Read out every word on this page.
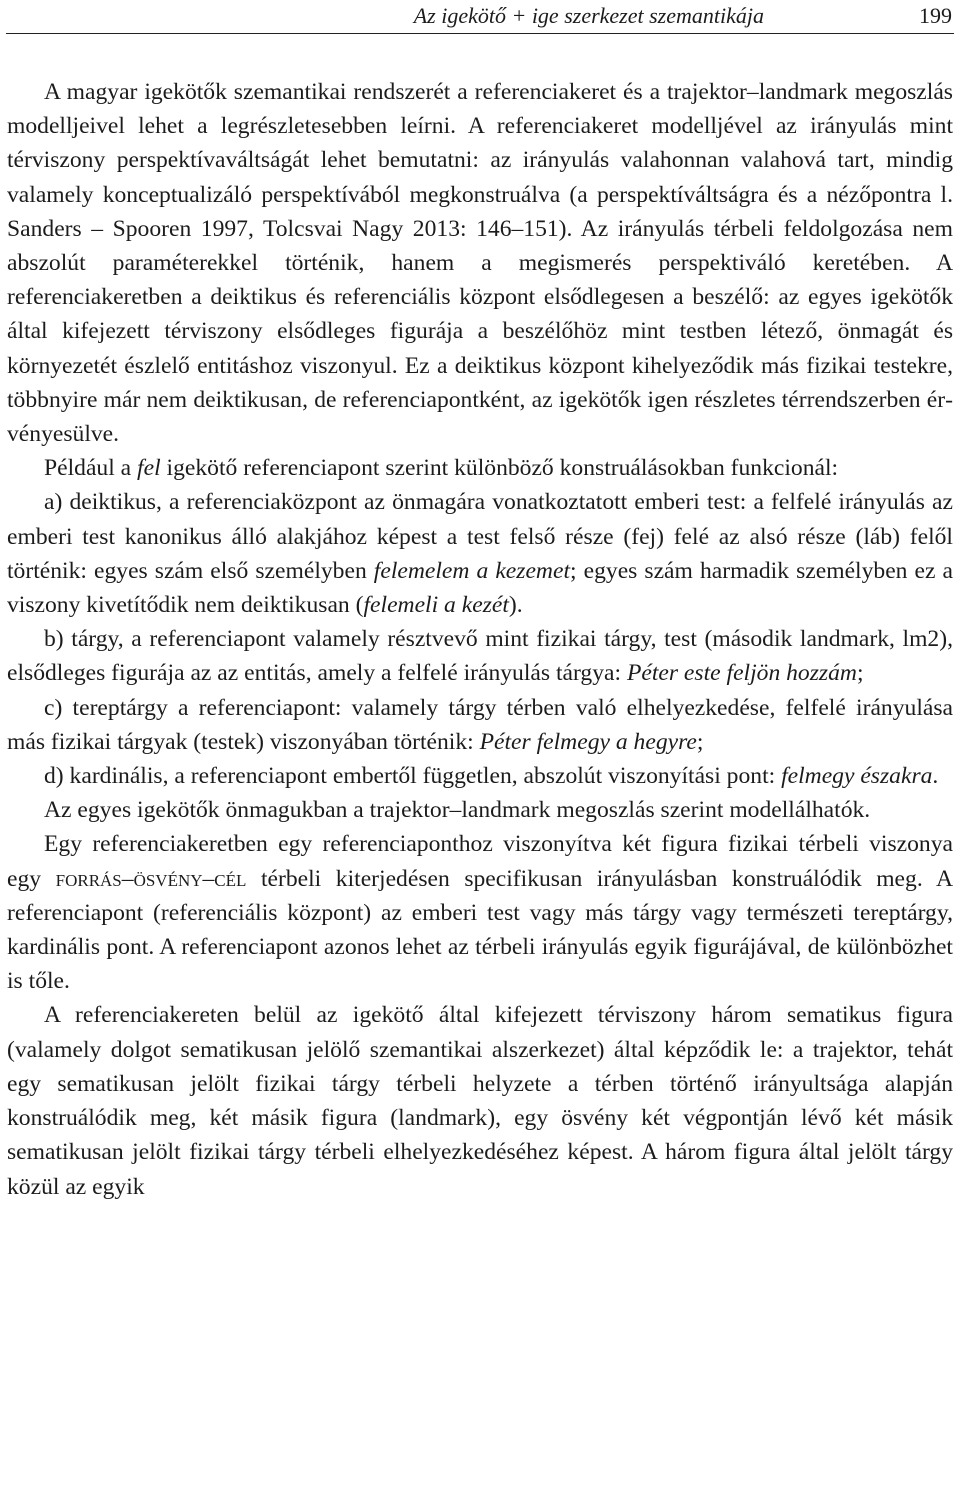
Az igekötő + ige szerkezet szemantikája	199

A magyar igekötők szemantikai rendszerét a referenciakeret és a trajektor–landmark megoszlás modelljeivel lehet a legrészletesebben leírni. A referenciakeret modelljével az irányulás mint térviszony perspektívaváltságát lehet bemutatni: az irányulás valahonnan valahová tart, mindig valamely konceptualizáló perspektívából megkonstruálva (a perspektíváltságra és a nézőpontra l. Sanders – Spooren 1997, Tolcsvai Nagy 2013: 146–151). Az irányulás térbeli feldolgozása nem abszolút paraméterekkel történik, hanem a megismerés perspektiváló keretében. A referenciakeretben a deiktikus és referenciális központ elsődlegesen a beszélő: az egyes igekötők által kifejezett térviszony elsődleges figurája a beszélőhöz mint testben létező, önmagát és környezetét észlelő entitáshoz viszonyul. Ez a deiktikus központ kihelyeződik más fizikai testekre, többnyire már nem deiktikusan, de referenciapontként, az igekötők igen részletes térrendszerben érvényesülve.

Például a fel igekötő referenciapont szerint különböző konstruálásokban funkcionál:

a) deiktikus, a referenciaközpont az önmagára vonatkoztatott emberi test: a felfelé irányulás az emberi test kanonikus álló alakjához képest a test felső része (fej) felé az alsó része (láb) felől történik: egyes szám első személyben felemelem a kezemet; egyes szám harmadik személyben ez a viszony kivetítődik nem deiktikusan (felemeli a kezét).

b) tárgy, a referenciapont valamely résztvevő mint fizikai tárgy, test (második landmark, lm2), elsődleges figurája az az entitás, amely a felfelé irányulás tárgya: Péter este feljön hozzám;

c) tereptárgy a referenciapont: valamely tárgy térben való elhelyezkedése, felfelé irányulása más fizikai tárgyak (testek) viszonyában történik: Péter felmegy a hegyre;

d) kardinális, a referenciapont embertől független, abszolút viszonyítási pont: felmegy északra.

Az egyes igekötők önmagukban a trajektor–landmark megoszlás szerint modellálhatók.

Egy referenciakeretben egy referenciaponthoz viszonyítva két figura fizikai térbeli viszonya egy forrás–ösvény–cél térbeli kiterjedésen specifikusan irányulásban konstruálódik meg. A referenciapont (referenciális központ) az emberi test vagy más tárgy vagy természeti tereptárgy, kardinális pont. A referenciapont azonos lehet az térbeli irányulás egyik figurájával, de különbözhet is tőle.

A referenciakereten belül az igekötő által kifejezett térviszony három sematikus figura (valamely dolgot sematikusan jelölő szemantikai alszerkezet) által képződik le: a trajektor, tehát egy sematikusan jelölt fizikai tárgy térbeli helyzete a térben történő irányultsága alapján konstruálódik meg, két másik figura (landmark), egy ösvény két végpontján lévő két másik sematikusan jelölt fizikai tárgy térbeli elhelyezkedéséhez képest. A három figura által jelölt tárgy közül az egyik
